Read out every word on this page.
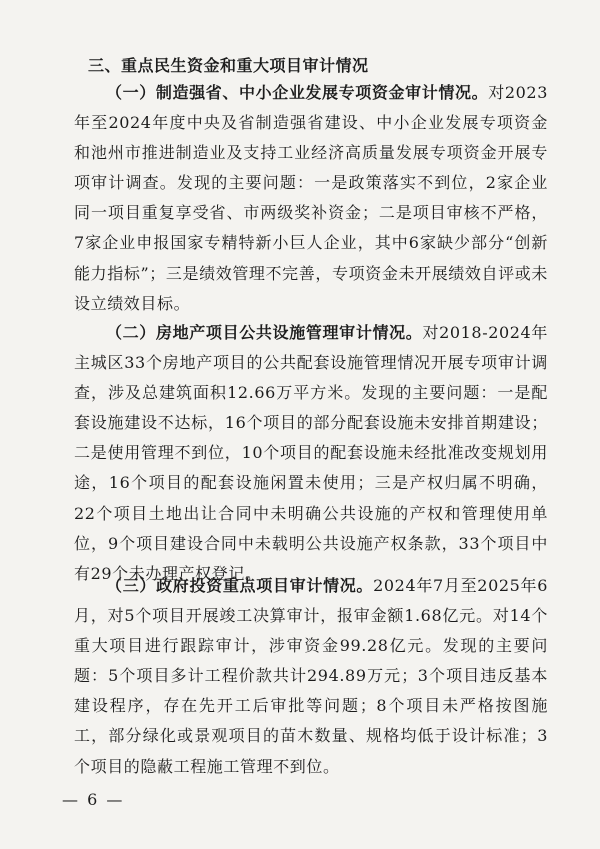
三、重点民生资金和重大项目审计情况

（一）制造强省、中小企业发展专项资金审计情况。对2023年至2024年度中央及省制造强省建设、中小企业发展专项资金和池州市推进制造业及支持工业经济高质量发展专项资金开展专项审计调查。发现的主要问题：一是政策落实不到位，2家企业同一项目重复享受省、市两级奖补资金；二是项目审核不严格，7家企业申报国家专精特新小巨人企业，其中6家缺少部分“创新能力指标”；三是绩效管理不完善，专项资金未开展绩效自评或未设立绩效目标。

（二）房地产项目公共设施管理审计情况。对2018-2024年主城区33个房地产项目的公共配套设施管理情况开展专项审计调查，涉及总建筑面积12.66万平方米。发现的主要问题：一是配套设施建设不达标，16个项目的部分配套设施未安排首期建设；二是使用管理不到位，10个项目的配套设施未经批准改变规划用途，16个项目的配套设施闲置未使用；三是产权归属不明确，22个项目土地出让合同中未明确公共设施的产权和管理使用单位，9个项目建设合同中未载明公共设施产权条款，33个项目中有29个未办理产权登记。

（三）政府投资重点项目审计情况。2024年7月至2025年6月，对5个项目开展竣工决算审计，报审金额1.68亿元。对14个重大项目进行跟踪审计，涉审资金99.28亿元。发现的主要问题：5个项目多计工程价款共计294.89万元；3个项目违反基本建设程序，存在先开工后审批等问题；8个项目未严格按图施工，部分绿化或景观项目的苗木数量、规格均低于设计标准；3个项目的隐蔽工程施工管理不到位。

— 6 —
